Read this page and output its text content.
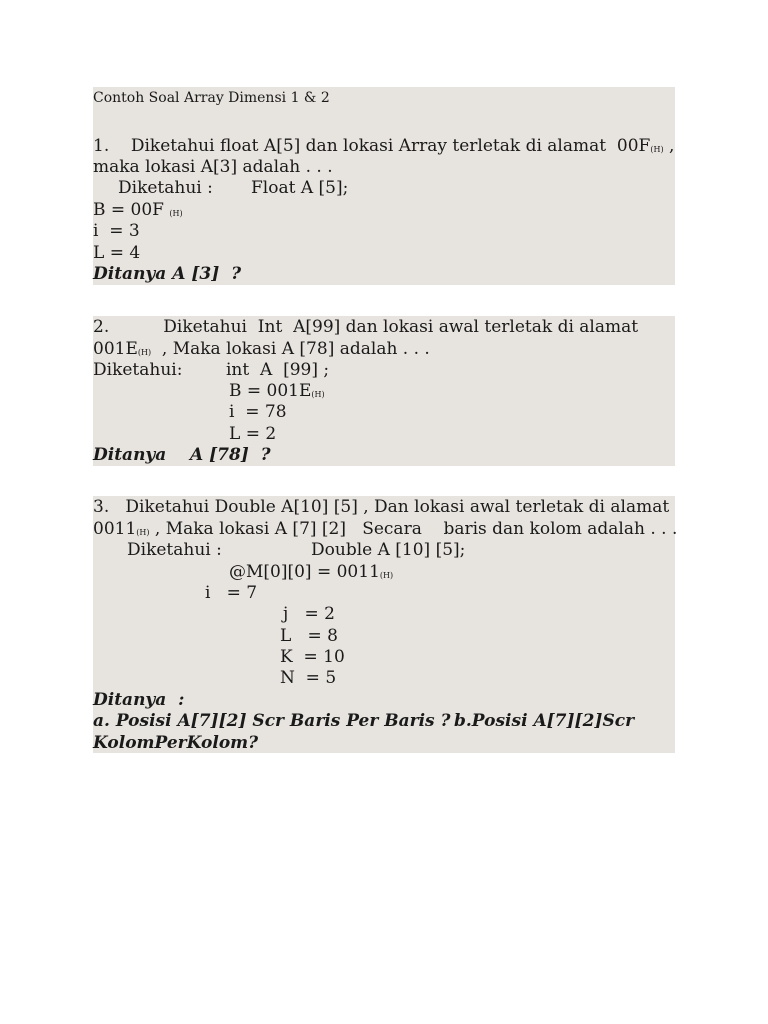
Contoh Soal Array Dimensi 1 & 2
1.    Diketahui float A[5] dan lokasi Array terletak di alamat  $00F_{(H)}$ ,
maka lokasi A[3] adalah . . .
Diketahui : Float A [5];
B = 00F $_{(H)}$
i  = 3
L = 4
Ditanya A [3]  ?
2.          Diketahui  Int  A[99] dan lokasi awal terletak di alamat
$001E_{(H)}$  , Maka lokasi A [78] adalah . . .
Diketahui:	int  A  [99] ;
$B = 001E_{(H)}$
i  = 78
L = 2
Ditanya    A [78]  ?
3.   Diketahui Double A[10] [5] , Dan lokasi awal terletak di alamat
$0011_{(H)}$ , Maka lokasi A [7] [2]   Secara    baris dan kolom adalah . . .
Diketahui :	Double A [10] [5];
@M[0][0] = $0011_{(H)}$
i   = 7
j   = 2
L   = 8
K  = 10
N  = 5
Ditanya  :
a. Posisi A[7][2] Scr Baris Per Baris ? b.Posisi A[7][2]Scr
KolomPerKolom?
